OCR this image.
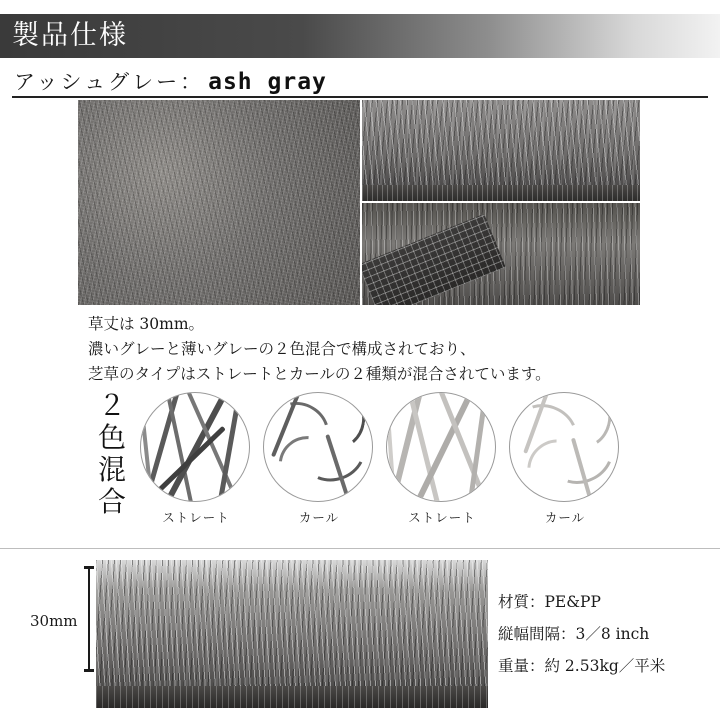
製品仕様
アッシュグレー： ash gray
草丈は 30mm。
濃いグレーと薄いグレーの２色混合で構成されており、
芝草のタイプはストレートとカールの２種類が混合されています。
２色混合	ストレート	カール	ストレート	カール
30mm
材質：PE&PP
縦幅間隔：3／8 inch
重量：約 2.53kg／平米
